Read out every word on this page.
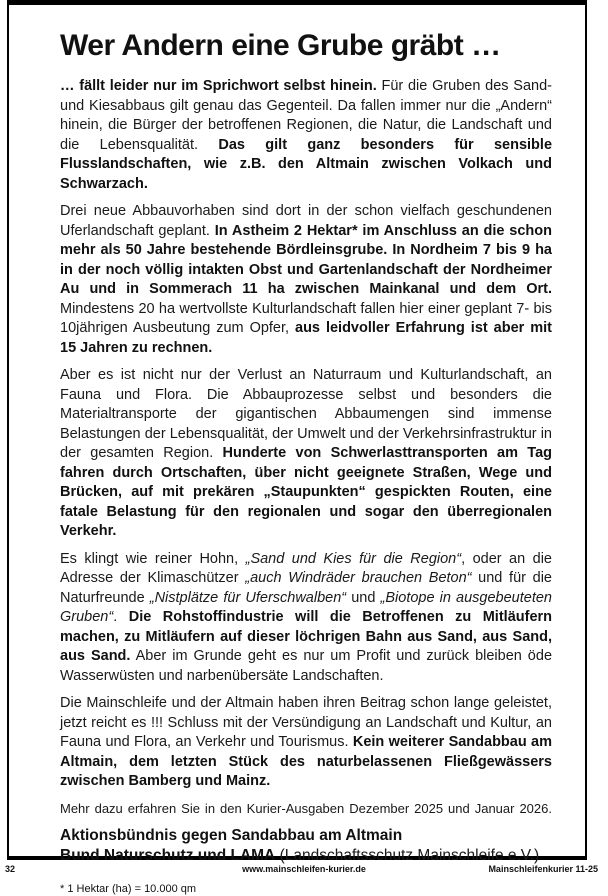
Wer Andern eine Grube gräbt …

… fällt leider nur im Sprichwort selbst hinein. Für die Gruben des Sand- und Kiesabbaus gilt genau das Gegenteil. Da fallen immer nur die „Andern“ hinein, die Bürger der betroffenen Regionen, die Natur, die Landschaft und die Lebensqualität. Das gilt ganz besonders für sensible Flusslandschaften, wie z.B. den Altmain zwischen Volkach und Schwarzach.

Drei neue Abbauvorhaben sind dort in der schon vielfach geschundenen Uferlandschaft geplant. In Astheim 2 Hektar* im Anschluss an die schon mehr als 50 Jahre bestehende Bördleinsgrube. In Nordheim 7 bis 9 ha in der noch völlig intakten Obst und Gartenlandschaft der Nordheimer Au und in Sommerach 11 ha zwischen Mainkanal und dem Ort. Mindestens 20 ha wertvollste Kulturlandschaft fallen hier einer geplant 7- bis 10jährigen Ausbeutung zum Opfer, aus leidvoller Erfahrung ist aber mit 15 Jahren zu rechnen.

Aber es ist nicht nur der Verlust an Naturraum und Kulturlandschaft, an Fauna und Flora. Die Abbauprozesse selbst und besonders die Materialtransporte der gigantischen Abbaumengen sind immense Belastungen der Lebensqualität, der Umwelt und der Verkehrsinfrastruktur in der gesamten Region. Hunderte von Schwerlasttransporten am Tag fahren durch Ortschaften, über nicht geeignete Straßen, Wege und Brücken, auf mit prekären „Staupunkten“ gespickten Routen, eine fatale Belastung für den regionalen und sogar den überregionalen Verkehr.

Es klingt wie reiner Hohn, „Sand und Kies für die Region“, oder an die Adresse der Klimaschützer „auch Windräder brauchen Beton“ und für die Naturfreunde „Nistplätze für Uferschwalben“ und „Biotope in ausgebeuteten Gruben“. Die Rohstoffindustrie will die Betroffenen zu Mitläufern machen, zu Mitläufern auf dieser löchrigen Bahn aus Sand, aus Sand, aus Sand. Aber im Grunde geht es nur um Profit und zurück bleiben öde Wasserwüsten und narbenübersäte Landschaften.

Die Mainschleife und der Altmain haben ihren Beitrag schon lange geleistet, jetzt reicht es !!! Schluss mit der Versündigung an Landschaft und Kultur, an Fauna und Flora, an Verkehr und Tourismus. Kein weiterer Sandabbau am Altmain, dem letzten Stück des naturbelassenen Fließgewässers zwischen Bamberg und Mainz.

Mehr dazu erfahren Sie in den Kurier-Ausgaben Dezember 2025 und Januar 2026.

Aktionsbündnis gegen Sandabbau am Altmain

Bund Naturschutz und LAMA (Landschaftsschutz Mainschleife e.V.)

* 1 Hektar (ha) = 10.000 qm
32	www.mainschleifen-kurier.de	Mainschleifenkurier 11-25
